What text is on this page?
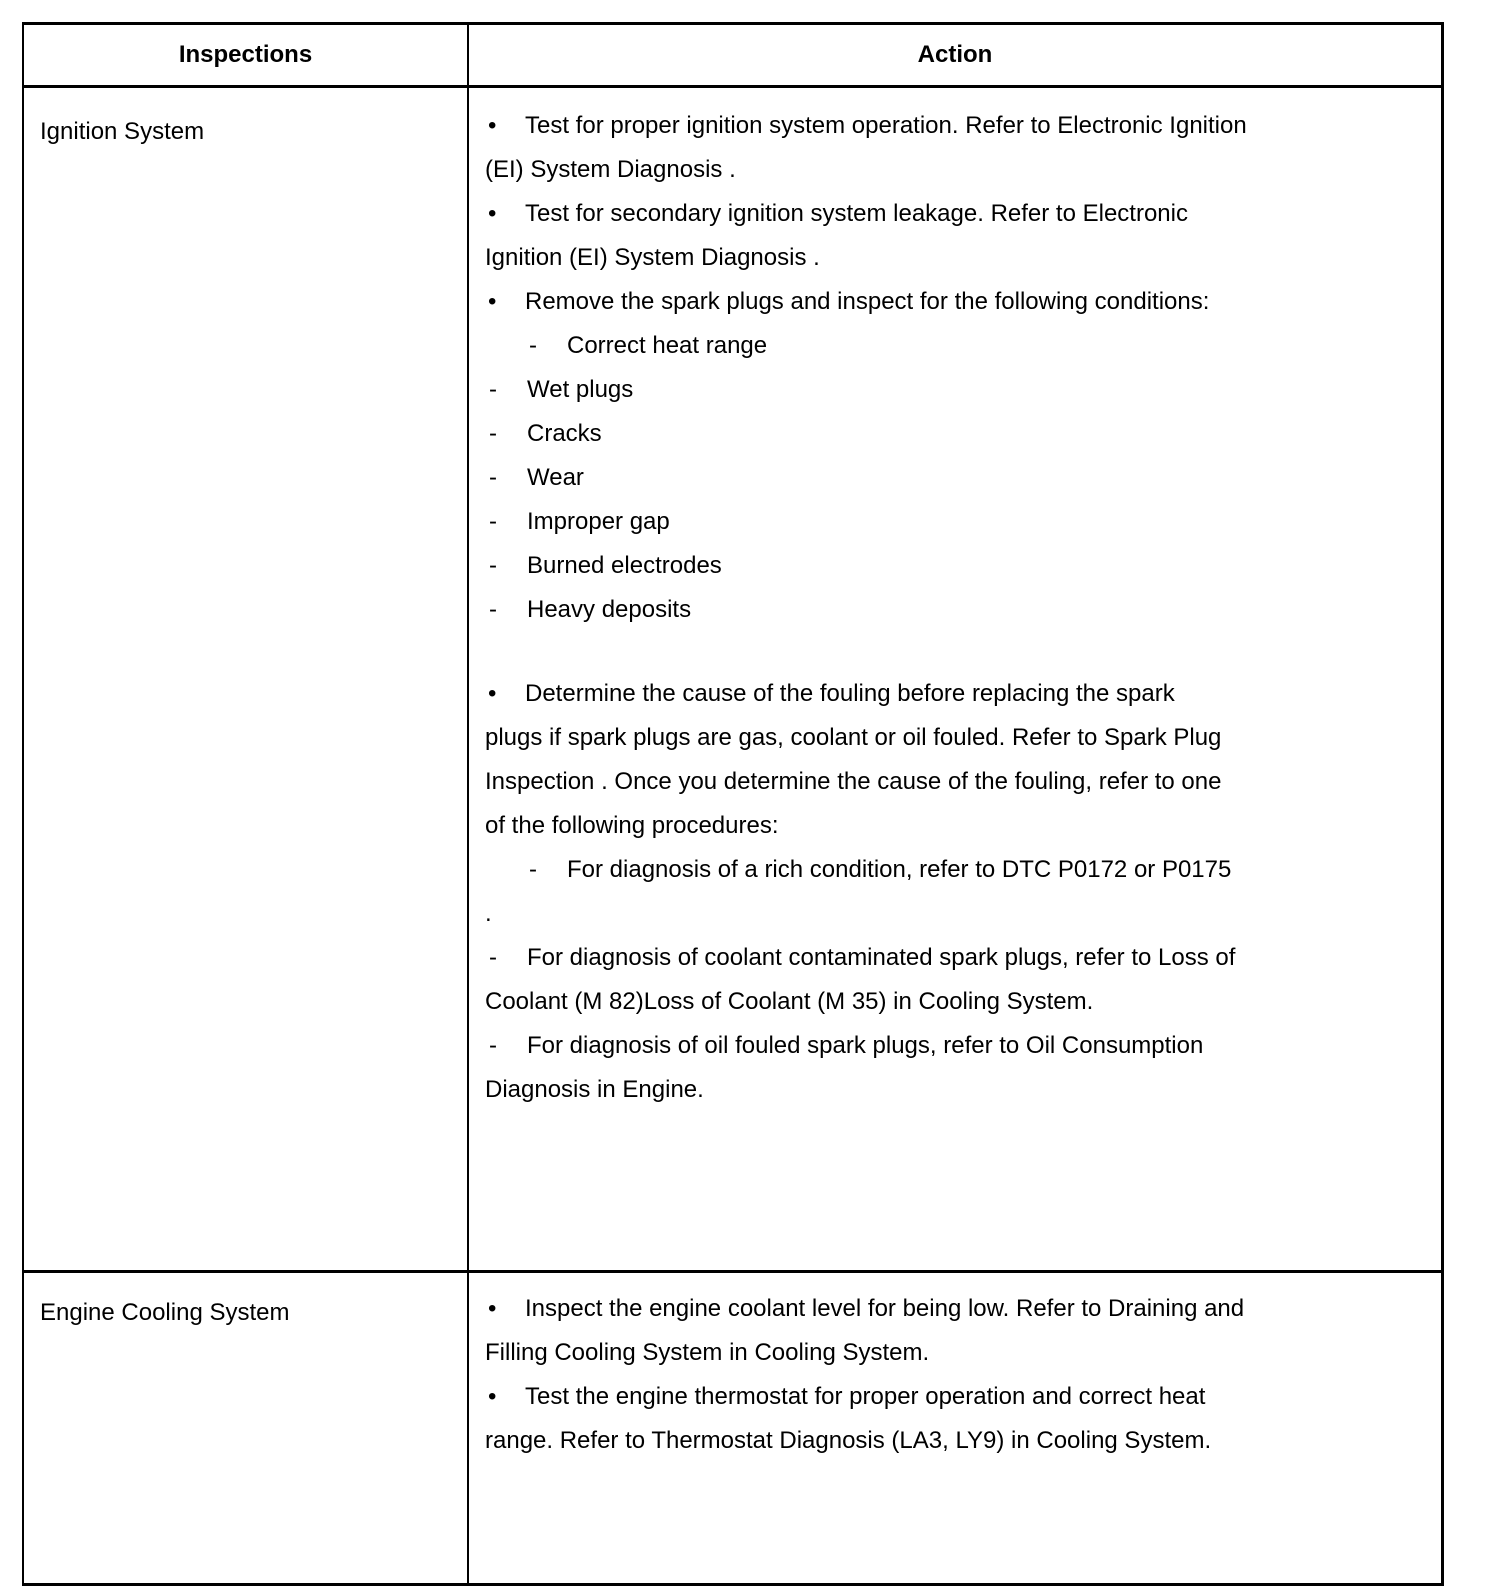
Inspections	Action
Ignition System	• Test for proper ignition system operation. Refer to Electronic Ignition
(EI) System Diagnosis .
• Test for secondary ignition system leakage. Refer to Electronic
Ignition (EI) System Diagnosis .
• Remove the spark plugs and inspect for the following conditions:
- Correct heat range
- Wet plugs
- Cracks
- Wear
- Improper gap
- Burned electrodes
- Heavy deposits
• Determine the cause of the fouling before replacing the spark
plugs if spark plugs are gas, coolant or oil fouled. Refer to Spark Plug
Inspection . Once you determine the cause of the fouling, refer to one
of the following procedures:
- For diagnosis of a rich condition, refer to DTC P0172 or P0175
.
- For diagnosis of coolant contaminated spark plugs, refer to Loss of
Coolant (M 82)Loss of Coolant (M 35) in Cooling System.
- For diagnosis of oil fouled spark plugs, refer to Oil Consumption
Diagnosis in Engine.

Engine Cooling System	• Inspect the engine coolant level for being low. Refer to Draining and
Filling Cooling System in Cooling System.
• Test the engine thermostat for proper operation and correct heat
range. Refer to Thermostat Diagnosis (LA3, LY9) in Cooling System.
